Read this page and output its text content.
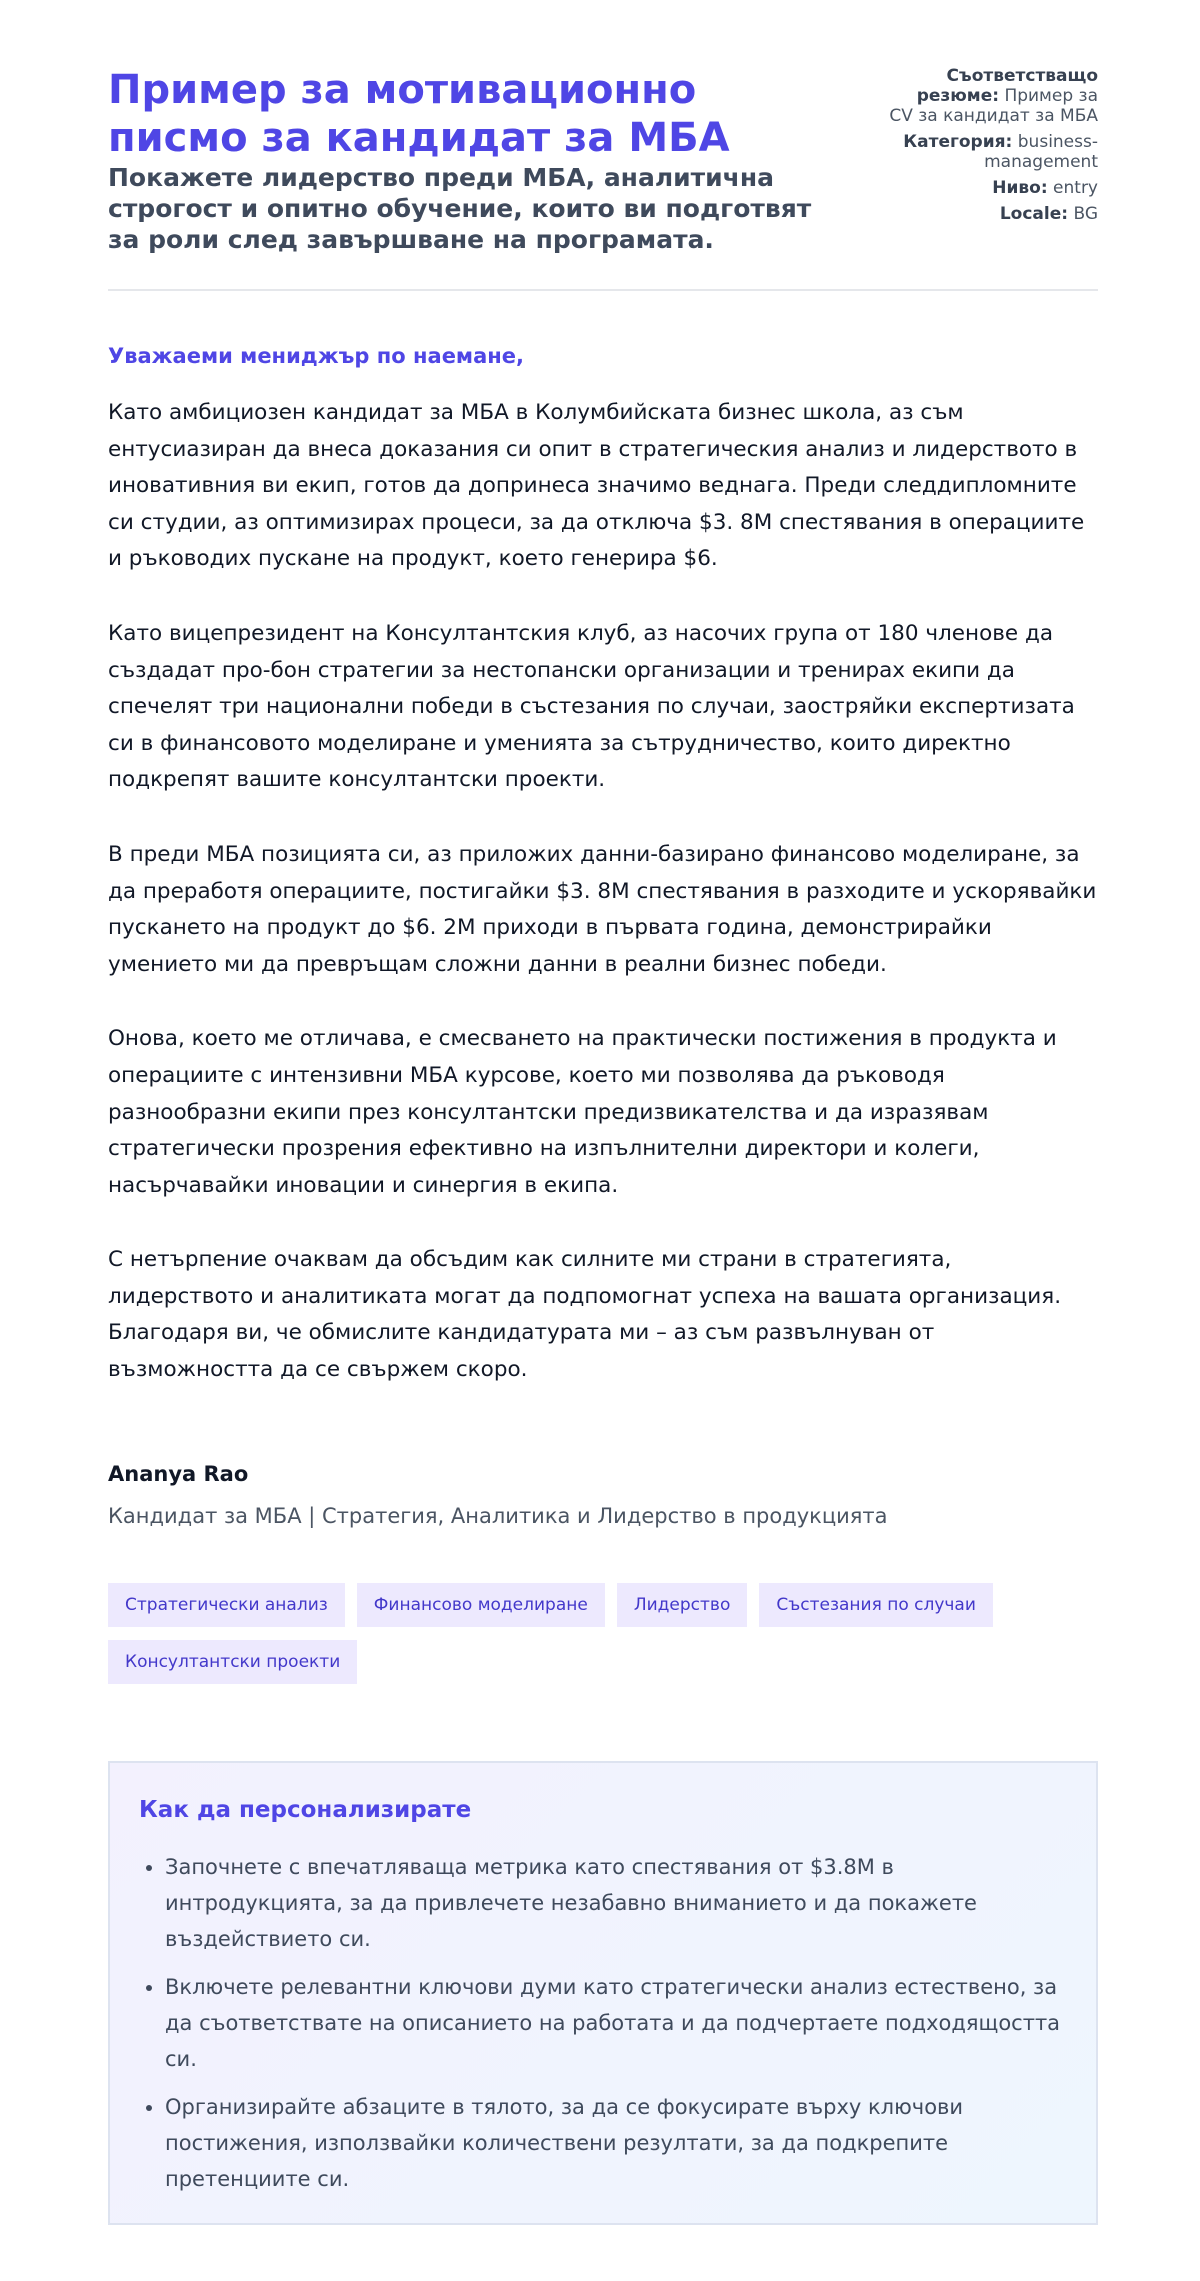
Пример за мотивационно писмо за кандидат за МБА

Покажете лидерство преди МБА, аналитична строгост и опитно обучение, които ви подготвят за роли след завършване на програмата.

Съответстващо резюме: Пример за CV за кандидат за МБА
Категория: business-management
Ниво: entry
Locale: BG

Уважаеми мениджър по наемане,

Като амбициозен кандидат за МБА в Колумбийската бизнес школа, аз съм ентусиазиран да внеса доказания си опит в стратегическия анализ и лидерството в иновативния ви екип, готов да допринеса значимо веднага. Преди следдипломните си студии, аз оптимизирах процеси, за да отключа $3. 8M спестявания в операциите и ръководих пускане на продукт, което генерира $6.

Като вицепрезидент на Консултантския клуб, аз насочих група от 180 членове да създадат про-бон стратегии за нестопански организации и тренирах екипи да спечелят три национални победи в състезания по случаи, заостряйки експертизата си в финансовото моделиране и уменията за сътрудничество, които директно подкрепят вашите консултантски проекти.

В преди МБА позицията си, аз приложих данни-базирано финансово моделиране, за да преработя операциите, постигайки $3. 8M спестявания в разходите и ускорявайки пускането на продукт до $6. 2M приходи в първата година, демонстрирайки умението ми да превръщам сложни данни в реални бизнес победи.

Онова, което ме отличава, е смесването на практически постижения в продукта и операциите с интензивни МБА курсове, което ми позволява да ръководя разнообразни екипи през консултантски предизвикателства и да изразявам стратегически прозрения ефективно на изпълнителни директори и колеги, насърчавайки иновации и синергия в екипа.

С нетърпение очаквам да обсъдим как силните ми страни в стратегията, лидерството и аналитиката могат да подпомогнат успеха на вашата организация. Благодаря ви, че обмислите кандидатурата ми – аз съм развълнуван от възможността да се свържем скоро.

Ananya Rao
Кандидат за МБА | Стратегия, Аналитика и Лидерство в продукцията
Стратегически анализ	Финансово моделиране	Лидерство	Състезания по случаи
Консултантски проекти
Как да персонализирате
• Започнете с впечатляваща метрика като спестявания от $3.8M в интродукцията, за да привлечете незабавно вниманието и да покажете въздействието си.
• Включете релевантни ключови думи като стратегически анализ естествено, за да съответствате на описанието на работата и да подчертаете подходящостта си.
• Организирайте абзаците в тялото, за да се фокусирате върху ключови постижения, използвайки количествени резултати, за да подкрепите претенциите си.
